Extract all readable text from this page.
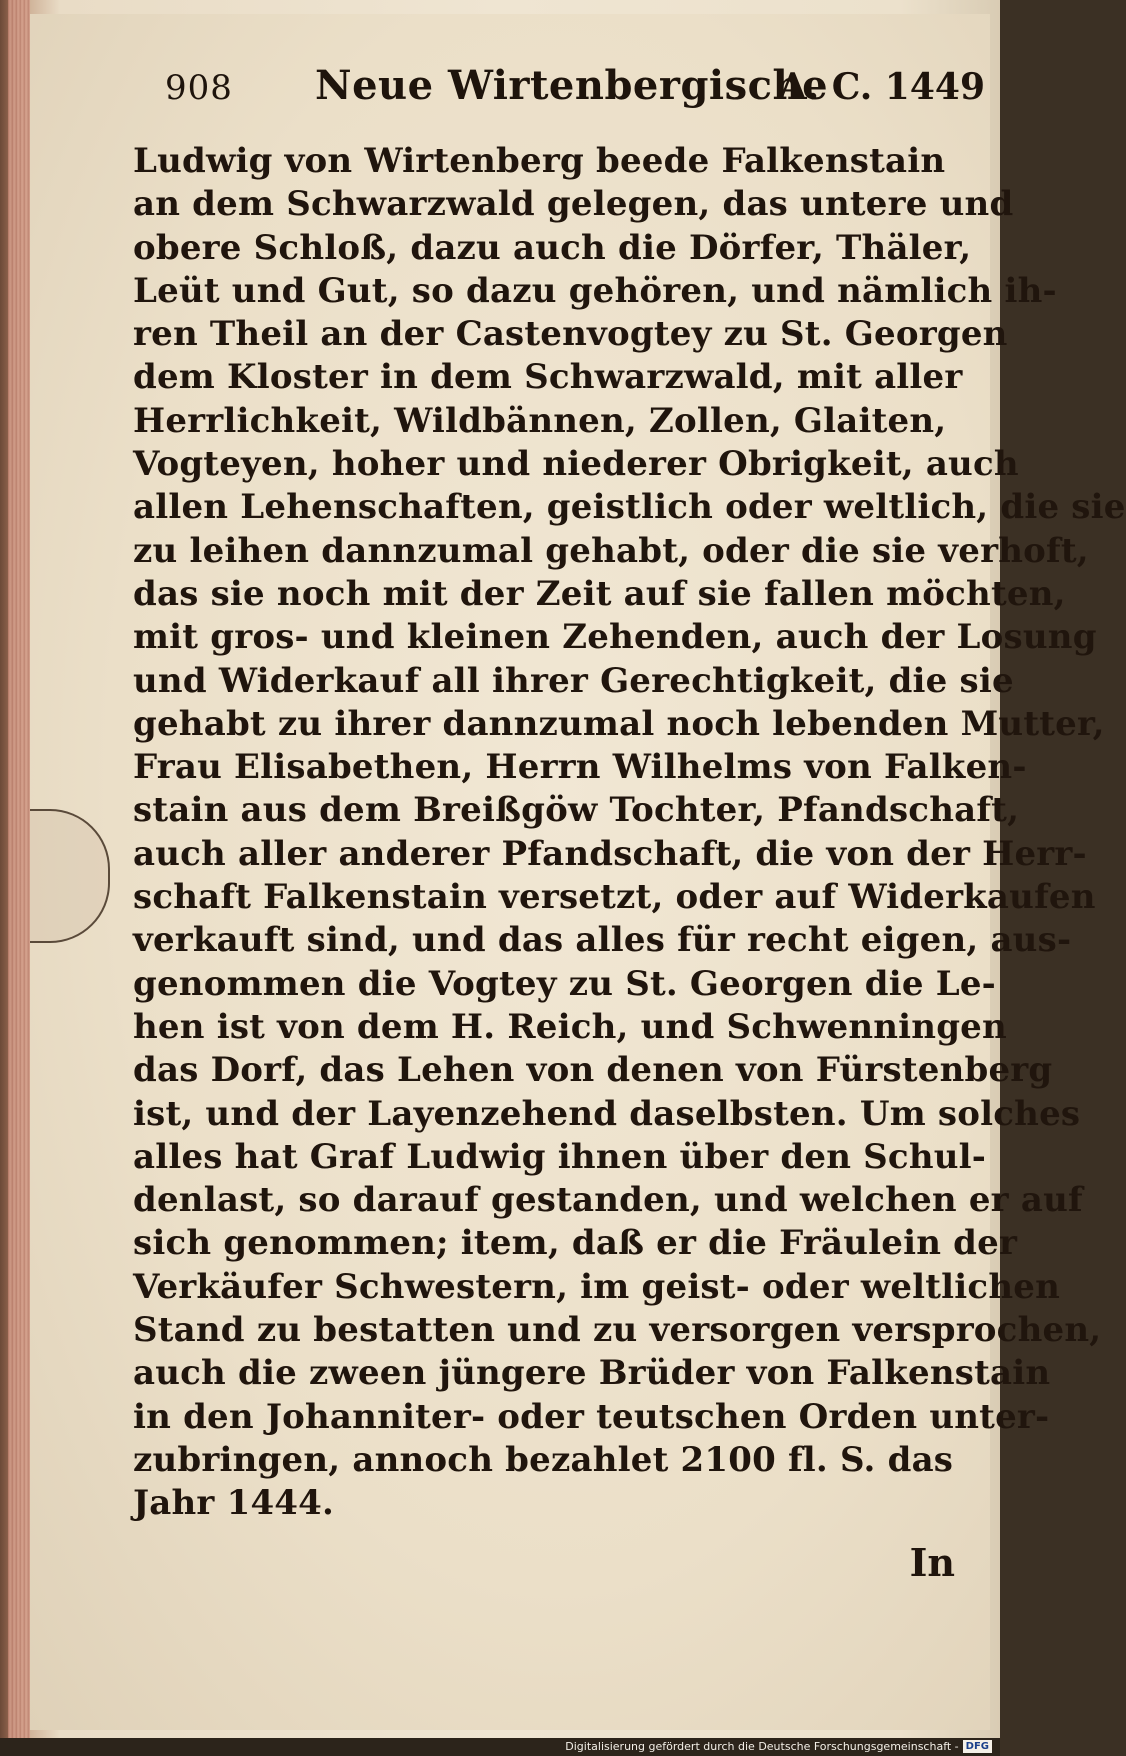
908 Neue Wirtenbergische
A. C. 1449
Ludwig von Wirtenberg beede Falkenstain
an dem Schwarzwald gelegen, das untere und
obere Schloß, dazu auch die Dörfer, Thäler,
Leüt und Gut, so dazu gehören, und nämlich ih-
ren Theil an der Castenvogtey zu St. Georgen
dem Kloster in dem Schwarzwald, mit aller
Herrlichkeit, Wildbännen, Zollen, Glaiten,
Vogteyen, hoher und niederer Obrigkeit, auch
allen Lehenschaften, geistlich oder weltlich, die sie
zu leihen dannzumal gehabt, oder die sie verhoft,
das sie noch mit der Zeit auf sie fallen möchten,
mit gros- und kleinen Zehenden, auch der Losung
und Widerkauf all ihrer Gerechtigkeit, die sie
gehabt zu ihrer dannzumal noch lebenden Mutter,
Frau Elisabethen, Herrn Wilhelms von Falken-
stain aus dem Breißgöw Tochter, Pfandschaft,
auch aller anderer Pfandschaft, die von der Herr-
schaft Falkenstain versetzt, oder auf Widerkaufen
verkauft sind, und das alles für recht eigen, aus-
genommen die Vogtey zu St. Georgen die Le-
hen ist von dem H. Reich, und Schwenningen
das Dorf, das Lehen von denen von Fürstenberg
ist, und der Layenzehend daselbsten. Um solches
alles hat Graf Ludwig ihnen über den Schul-
denlast, so darauf gestanden, und welchen er auf
sich genommen; item, daß er die Fräulein der
Verkäufer Schwestern, im geist- oder weltlichen
Stand zu bestatten und zu versorgen versprochen,
auch die zween jüngere Brüder von Falkenstain
in den Johanniter- oder teutschen Orden unter-
zubringen, annoch bezahlet 2100 fl. S. das
Jahr 1444.
In
Digitalisierung gefördert durch die Deutsche Forschungsgemeinschaft - DFG
